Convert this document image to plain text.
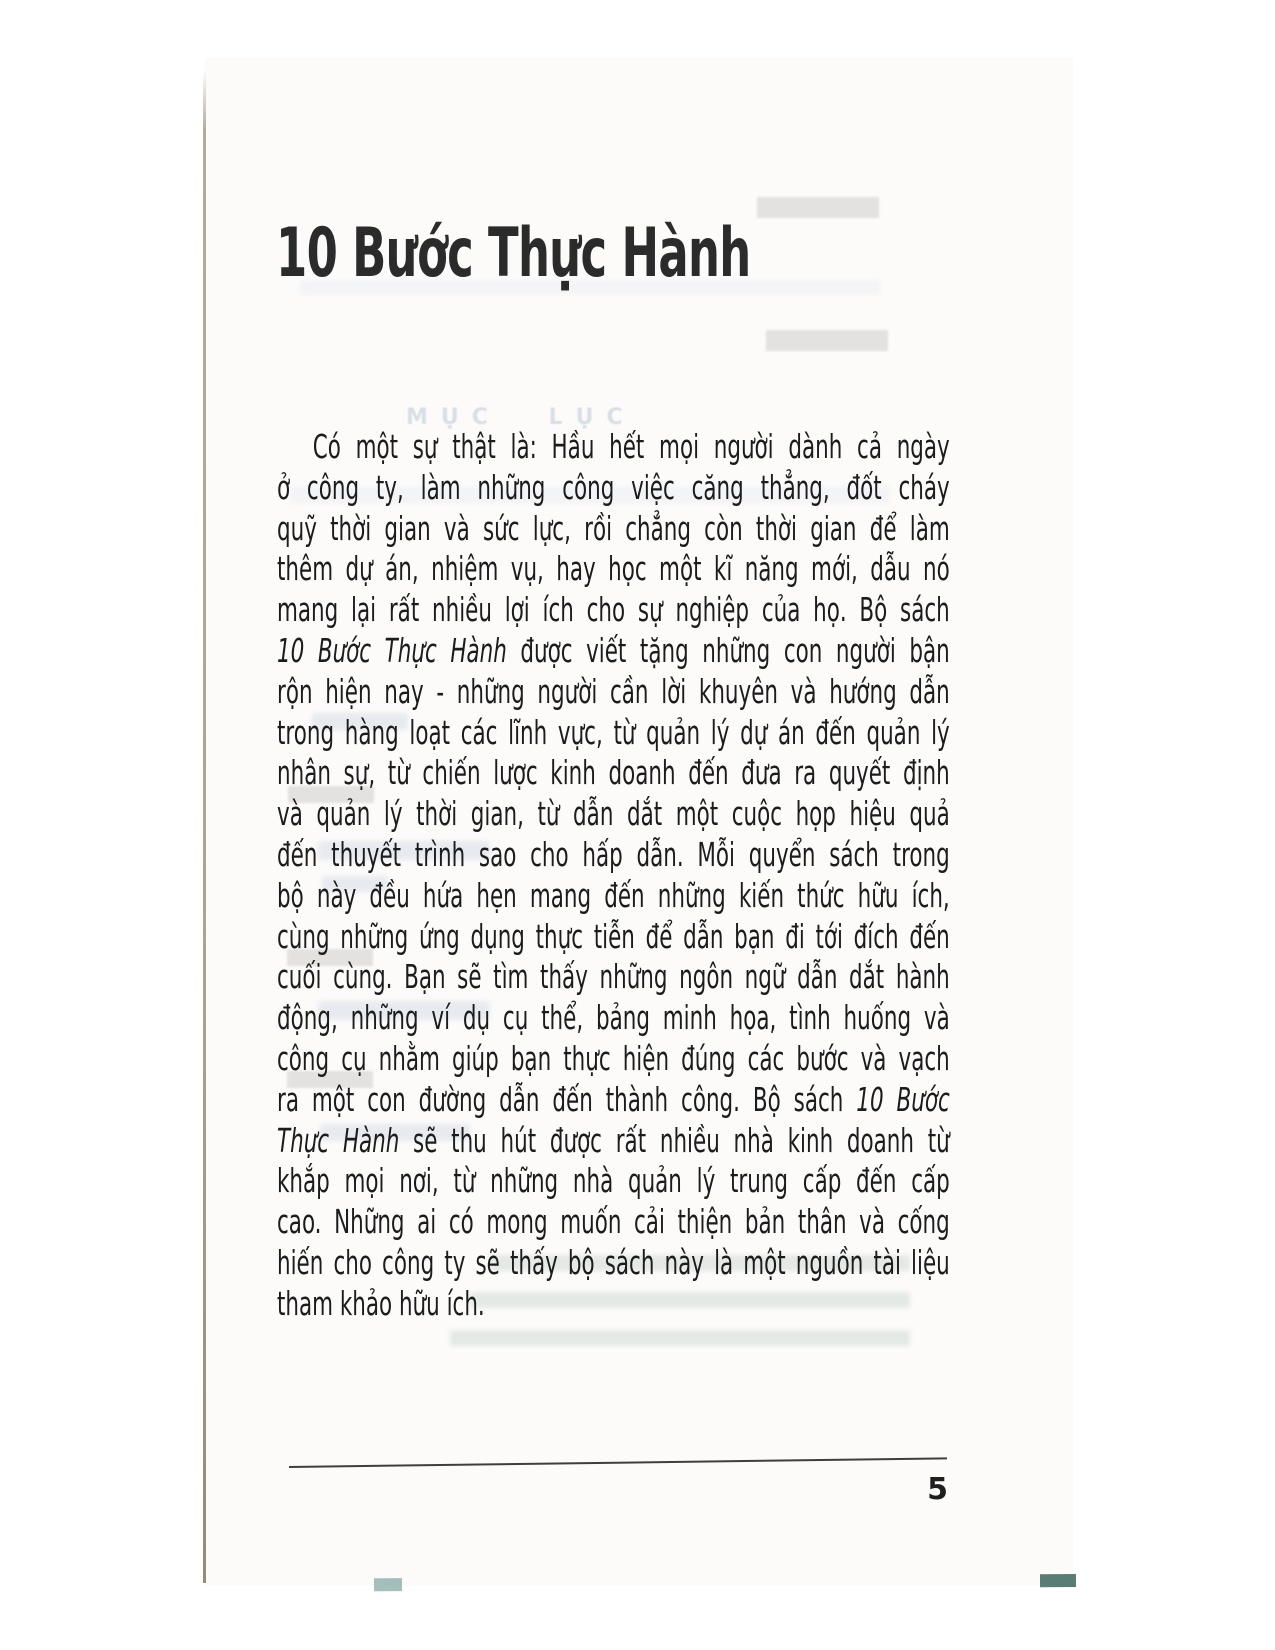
MỤC LỤC
10 Bước Thực Hành
Có một sự thật là: Hầu hết mọi người dành cả ngày
ở công ty, làm những công việc căng thẳng, đốt cháy
quỹ thời gian và sức lực, rồi chẳng còn thời gian để làm
thêm dự án, nhiệm vụ, hay học một kĩ năng mới, dẫu nó
mang lại rất nhiều lợi ích cho sự nghiệp của họ. Bộ sách
10 Bước Thực Hành được viết tặng những con người bận
rộn hiện nay - những người cần lời khuyên và hướng dẫn
trong hàng loạt các lĩnh vực, từ quản lý dự án đến quản lý
nhân sự, từ chiến lược kinh doanh đến đưa ra quyết định
và quản lý thời gian, từ dẫn dắt một cuộc họp hiệu quả
đến thuyết trình sao cho hấp dẫn. Mỗi quyển sách trong
bộ này đều hứa hẹn mang đến những kiến thức hữu ích,
cùng những ứng dụng thực tiễn để dẫn bạn đi tới đích đến
cuối cùng. Bạn sẽ tìm thấy những ngôn ngữ dẫn dắt hành
động, những ví dụ cụ thể, bảng minh họa, tình huống và
công cụ nhằm giúp bạn thực hiện đúng các bước và vạch
ra một con đường dẫn đến thành công. Bộ sách 10 Bước
Thực Hành sẽ thu hút được rất nhiều nhà kinh doanh từ
khắp mọi nơi, từ những nhà quản lý trung cấp đến cấp
cao. Những ai có mong muốn cải thiện bản thân và cống
hiến cho công ty sẽ thấy bộ sách này là một nguồn tài liệu
tham khảo hữu ích.
5
